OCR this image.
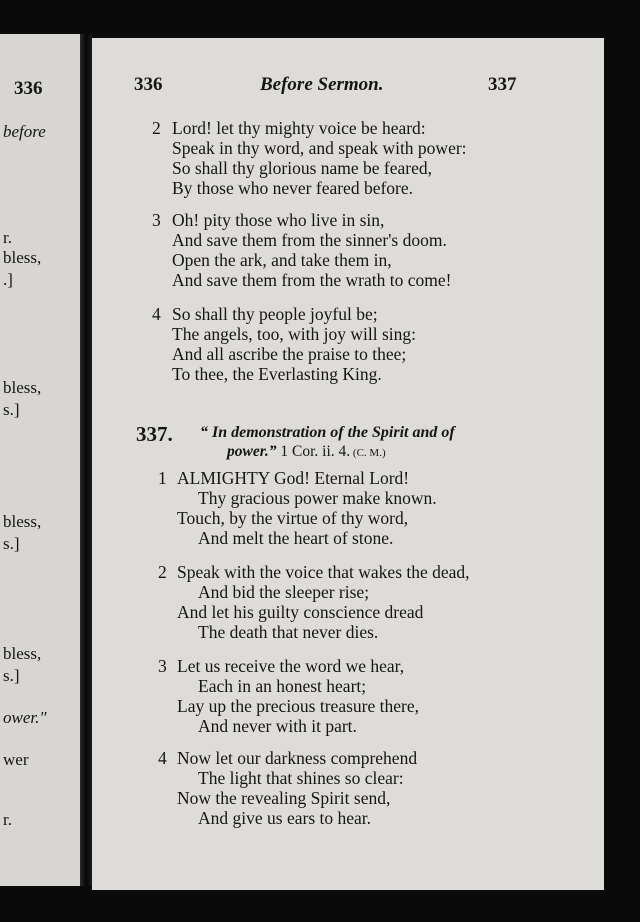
336
before
r.
bless,
.]
bless,
s.]
bless,
s.]
bless,
s.]
ower."
wer
r.
336	Before Sermon.	337
2 Lord! let thy mighty voice be heard:
Speak in thy word, and speak with power:
So shall thy glorious name be feared,
By those who never feared before.
3 Oh! pity those who live in sin,
And save them from the sinner's doom.
Open the ark, and take them in,
And save them from the wrath to come!
4 So shall thy people joyful be;
The angels, too, with joy will sing:
And all ascribe the praise to thee;
To thee, the Everlasting King.
337. “ In demonstration of the Spirit and of
power.” 1 Cor. ii. 4. (C. M.)
1 ALMIGHTY God! Eternal Lord!
Thy gracious power make known.
Touch, by the virtue of thy word,
And melt the heart of stone.
2 Speak with the voice that wakes the dead,
And bid the sleeper rise;
And let his guilty conscience dread
The death that never dies.
3 Let us receive the word we hear,
Each in an honest heart;
Lay up the precious treasure there,
And never with it part.
4 Now let our darkness comprehend
The light that shines so clear:
Now the revealing Spirit send,
And give us ears to hear.
